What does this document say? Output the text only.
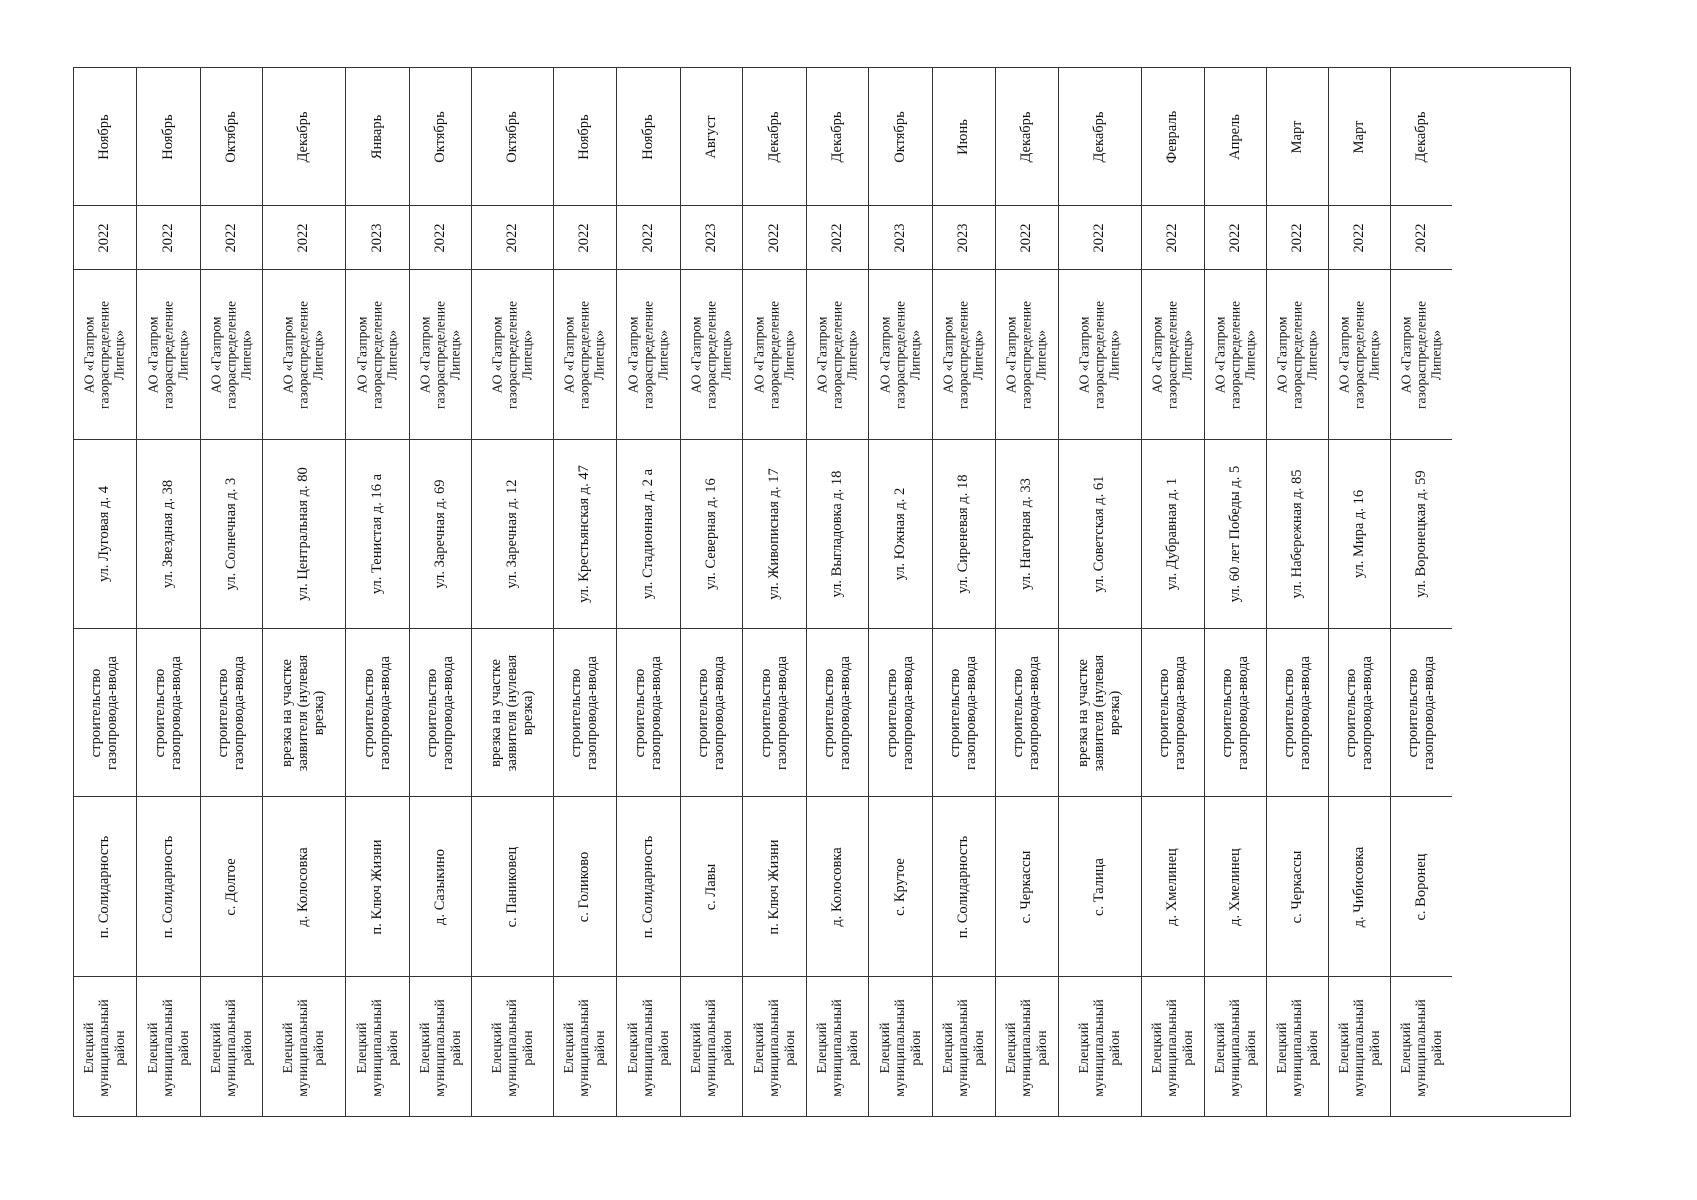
Ноябрь
2022
АО «Газпром газораспределение Липецк»
ул. Луговая д. 4
строительство газопровода-ввода
п. Солидарность
Елецкий муниципальный район
Ноябрь
2022
АО «Газпром газораспределение Липецк»
ул. Звездная д. 38
строительство газопровода-ввода
п. Солидарность
Елецкий муниципальный район
Октябрь
2022
АО «Газпром газораспределение Липецк»
ул. Солнечная д. 3
строительство газопровода-ввода
с. Долгое
Елецкий муниципальный район
Декабрь
2022
АО «Газпром газораспределение Липецк»
ул. Центральная д. 80
врезка на участке заявителя (нулевая врезка)
д. Колосовка
Елецкий муниципальный район
Январь
2023
АО «Газпром газораспределение Липецк»
ул. Тенистая д. 16 а
строительство газопровода-ввода
п. Ключ Жизни
Елецкий муниципальный район
Октябрь
2022
АО «Газпром газораспределение Липецк»
ул. Заречная д. 69
строительство газопровода-ввода
д. Сазыкино
Елецкий муниципальный район
Октябрь
2022
АО «Газпром газораспределение Липецк»
ул. Заречная д. 12
врезка на участке заявителя (нулевая врезка)
с. Паниковец
Елецкий муниципальный район
Ноябрь
2022
АО «Газпром газораспределение Липецк»
ул. Крестьянская д. 47
строительство газопровода-ввода
с. Голиково
Елецкий муниципальный район
Ноябрь
2022
АО «Газпром газораспределение Липецк»
ул. Стадионная д. 2 а
строительство газопровода-ввода
п. Солидарность
Елецкий муниципальный район
Август
2023
АО «Газпром газораспределение Липецк»
ул. Северная д. 16
строительство газопровода-ввода
с. Лавы
Елецкий муниципальный район
Декабрь
2022
АО «Газпром газораспределение Липецк»
ул. Живописная д. 17
строительство газопровода-ввода
п. Ключ Жизни
Елецкий муниципальный район
Декабрь
2022
АО «Газпром газораспределение Липецк»
ул. Выгладовка д. 18
строительство газопровода-ввода
д. Колосовка
Елецкий муниципальный район
Октябрь
2023
АО «Газпром газораспределение Липецк»
ул. Южная д. 2
строительство газопровода-ввода
с. Крутое
Елецкий муниципальный район
Июнь
2023
АО «Газпром газораспределение Липецк»
ул. Сиреневая д. 18
строительство газопровода-ввода
п. Солидарность
Елецкий муниципальный район
Декабрь
2022
АО «Газпром газораспределение Липецк»
ул. Нагорная д. 33
строительство газопровода-ввода
с. Черкассы
Елецкий муниципальный район
Декабрь
2022
АО «Газпром газораспределение Липецк»
ул. Советская д. 61
врезка на участке заявителя (нулевая врезка)
с. Талица
Елецкий муниципальный район
Февраль
2022
АО «Газпром газораспределение Липецк»
ул. Дубравная д. 1
строительство газопровода-ввода
д. Хмелинец
Елецкий муниципальный район
Апрель
2022
АО «Газпром газораспределение Липецк»
ул. 60 лет Победы д. 5
строительство газопровода-ввода
д. Хмелинец
Елецкий муниципальный район
Март
2022
АО «Газпром газораспределение Липецк»
ул. Набережная д. 85
строительство газопровода-ввода
с. Черкассы
Елецкий муниципальный район
Март
2022
АО «Газпром газораспределение Липецк»
ул. Мира д. 16
строительство газопровода-ввода
д. Чибисовка
Елецкий муниципальный район
Декабрь
2022
АО «Газпром газораспределение Липецк»
ул. Воронецкая д. 59
строительство газопровода-ввода
с. Воронец
Елецкий муниципальный район
